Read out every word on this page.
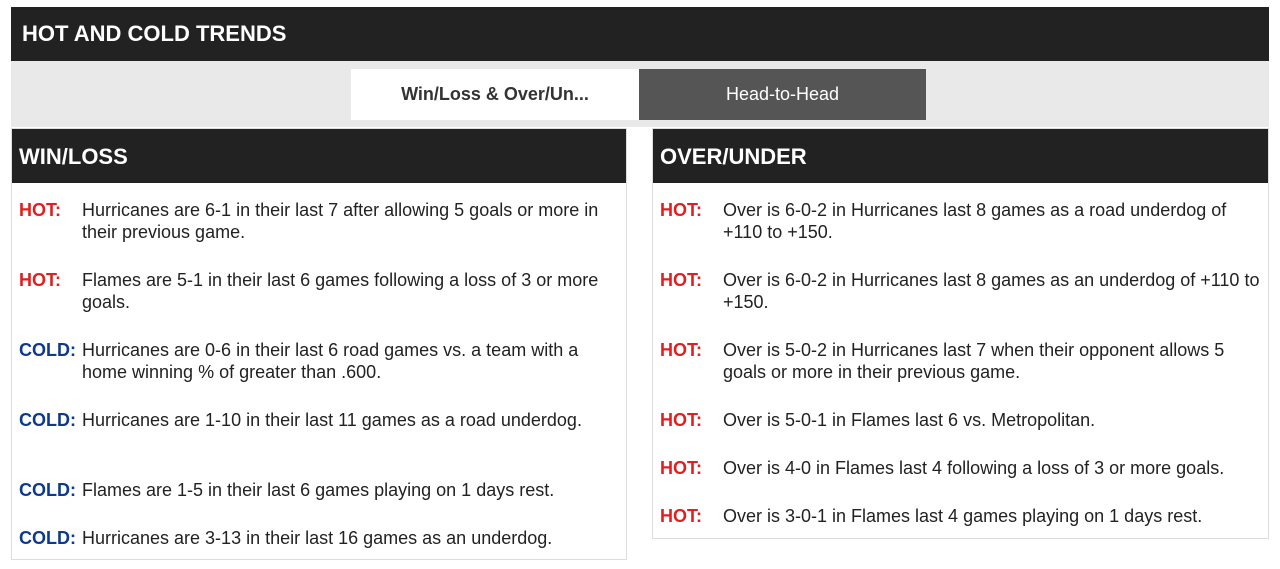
HOT AND COLD TRENDS
Win/Loss & Over/Un...	Head-to-Head
WIN/LOSS
HOT: Hurricanes are 6-1 in their last 7 after allowing 5 goals or more in their previous game.
HOT: Flames are 5-1 in their last 6 games following a loss of 3 or more goals.
COLD: Hurricanes are 0-6 in their last 6 road games vs. a team with a home winning % of greater than .600.
COLD: Hurricanes are 1-10 in their last 11 games as a road underdog.
COLD: Flames are 1-5 in their last 6 games playing on 1 days rest.
COLD: Hurricanes are 3-13 in their last 16 games as an underdog.
OVER/UNDER
HOT: Over is 6-0-2 in Hurricanes last 8 games as a road underdog of +110 to +150.
HOT: Over is 6-0-2 in Hurricanes last 8 games as an underdog of +110 to +150.
HOT: Over is 5-0-2 in Hurricanes last 7 when their opponent allows 5 goals or more in their previous game.
HOT: Over is 5-0-1 in Flames last 6 vs. Metropolitan.
HOT: Over is 4-0 in Flames last 4 following a loss of 3 or more goals.
HOT: Over is 3-0-1 in Flames last 4 games playing on 1 days rest.
